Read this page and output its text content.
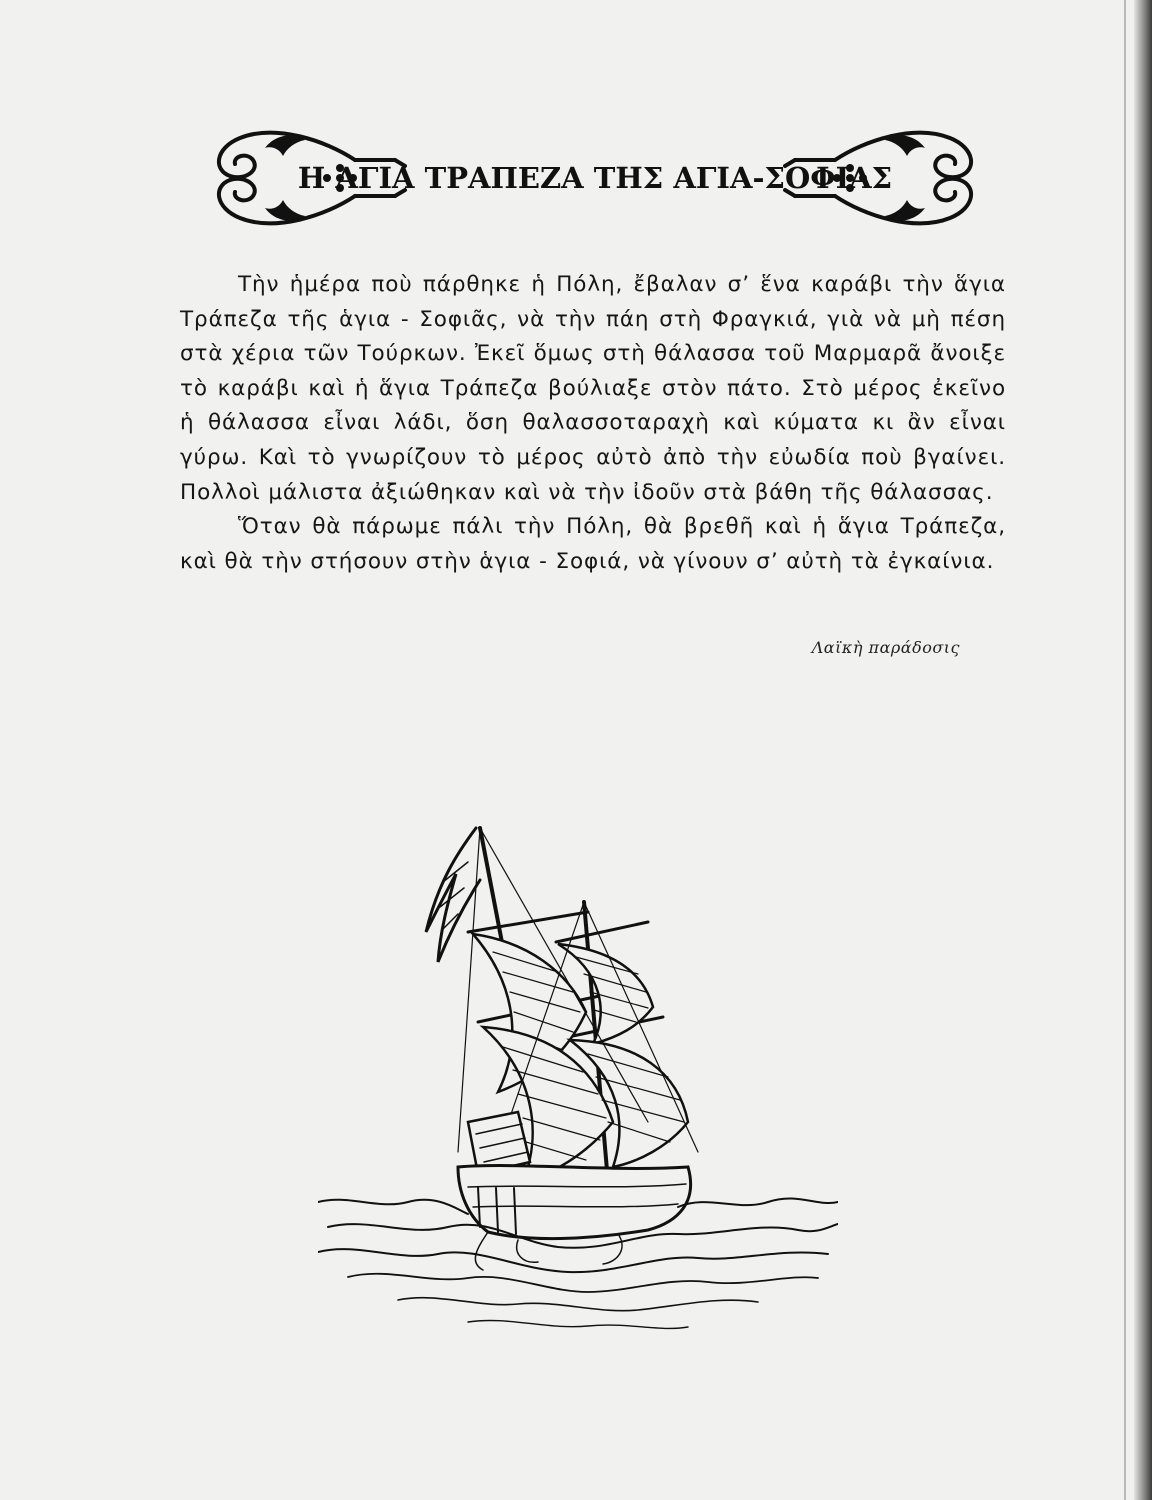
Η ΑΓΙΑ ΤΡΑΠΕΖΑ ΤΗΣ ΑΓΙΑ-ΣΟΦΙΑΣ

Τὴν ἡμέρα ποὺ πάρθηκε ἡ Πόλη, ἔβαλαν σ’ ἕνα καράβι τὴν ἅγια Τράπεζα τῆς ἁγια - Σοφιᾶς, νὰ τὴν πάη στὴ Φραγκιά, γιὰ νὰ μὴ πέση στὰ χέρια τῶν Τούρκων. Ἐκεῖ ὅμως στὴ θάλασσα τοῦ Μαρμαρᾶ ἄνοιξε τὸ καράβι καὶ ἡ ἅγια Τράπεζα βούλιαξε στὸν πάτο. Στὸ μέρος ἐκεῖνο ἡ θάλασσα εἶναι λάδι, ὅση θαλασσοταραχὴ καὶ κύματα κι ἂν εἶναι γύρω. Καὶ τὸ γνωρίζουν τὸ μέρος αὐτὸ ἀπὸ τὴν εὐωδία ποὺ βγαίνει. Πολλοὶ μάλιστα ἀξιώθηκαν καὶ νὰ τὴν ἰδοῦν στὰ βάθη τῆς θάλασσας.

Ὅταν θὰ πάρωμε πάλι τὴν Πόλη, θὰ βρεθῆ καὶ ἡ ἅγια Τράπεζα, καὶ θὰ τὴν στήσουν στὴν ἁγια - Σοφιά, νὰ γίνουν σ’ αὐτὴ τὰ ἐγκαίνια.

Λαϊκὴ παράδοσις
